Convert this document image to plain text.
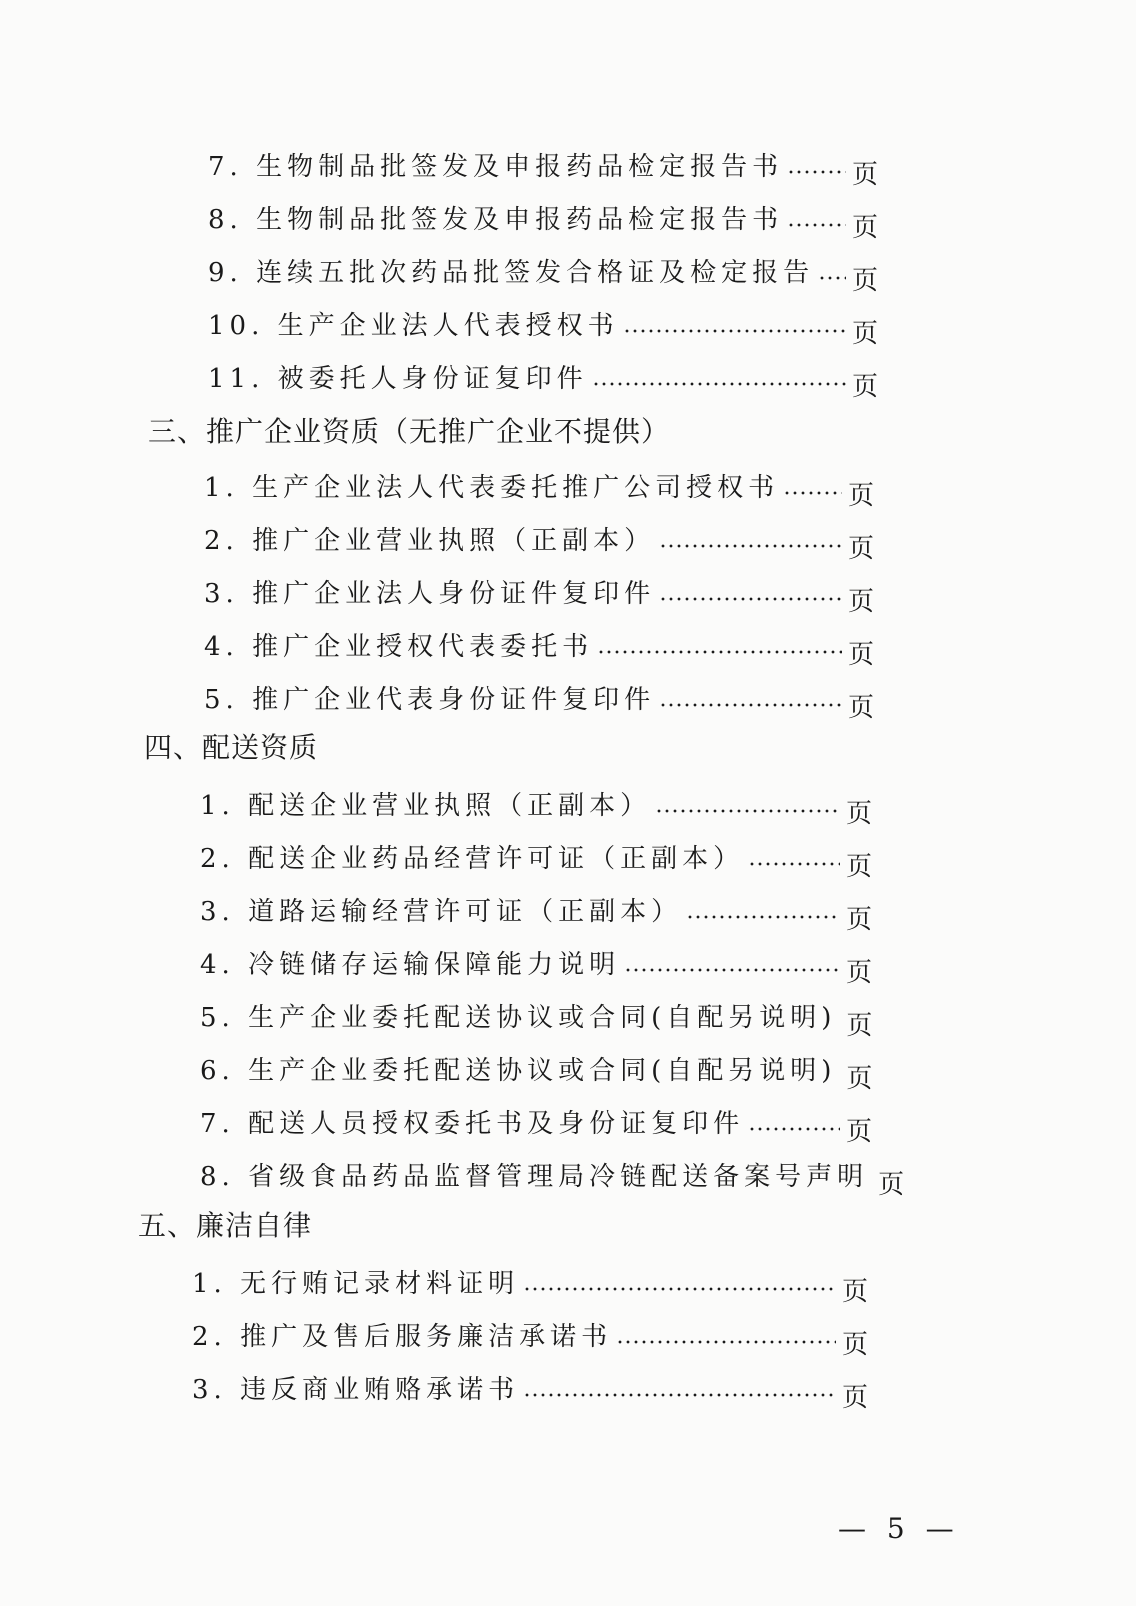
7. 生物制品批签发及申报药品检定报告书	页
8. 生物制品批签发及申报药品检定报告书	页
9. 连续五批次药品批签发合格证及检定报告 页
10. 生产企业法人代表授权书	页
11. 被委托人身份证复印件	页
三、推广企业资质（无推广企业不提供）
1. 生产企业法人代表委托推广公司授权书	页
2. 推广企业营业执照（正副本）	页
3. 推广企业法人身份证件复印件	页
4. 推广企业授权代表委托书	页
5. 推广企业代表身份证件复印件	页
四、配送资质
1. 配送企业营业执照（正副本）	页
2. 配送企业药品经营许可证（正副本）	页
3. 道路运输经营许可证（正副本）	页
4. 冷链储存运输保障能力说明	页
5. 生产企业委托配送协议或合同(自配另说明) 页
6. 生产企业委托配送协议或合同(自配另说明) 页
7. 配送人员授权委托书及身份证复印件	页
8. 省级食品药品监督管理局冷链配送备案号声明 页
五、廉洁自律
1. 无行贿记录材料证明	页
2. 推广及售后服务廉洁承诺书	页
3. 违反商业贿赂承诺书	页
— 5 —
